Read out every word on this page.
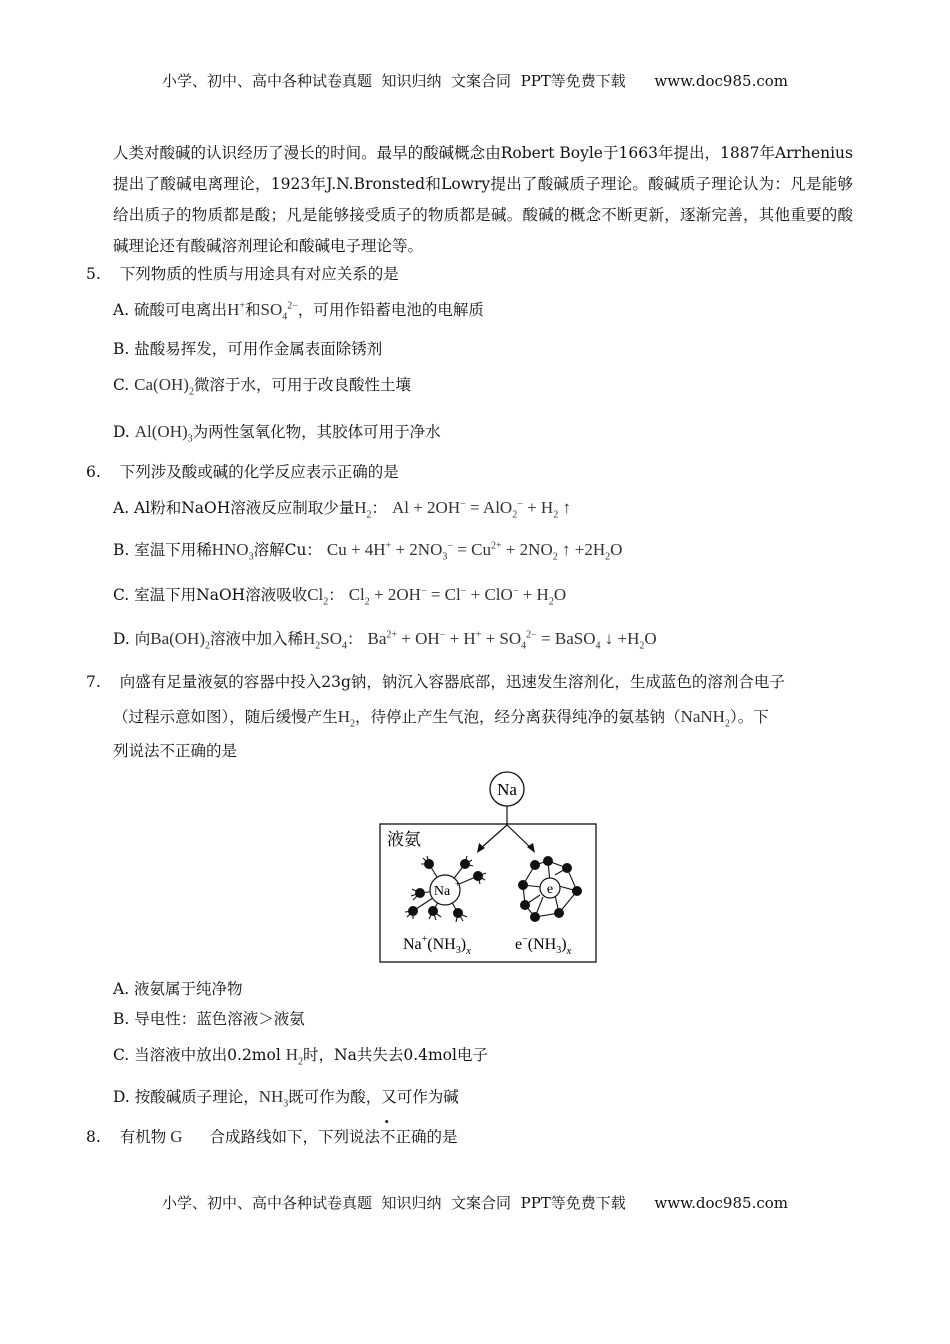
小学、初中、高中各种试卷真题  知识归纳  文案合同  PPT等免费下载      www.doc985.com
人类对酸碱的认识经历了漫长的时间。最早的酸碱概念由Robert Boyle于1663年提出，1887年Arrhenius提出了酸碱电离理论，1923年J.N.Bronsted和Lowry提出了酸碱质子理论。酸碱质子理论认为：凡是能够给出质子的物质都是酸；凡是能够接受质子的物质都是碱。酸碱的概念不断更新，逐渐完善，其他重要的酸碱理论还有酸碱溶剂理论和酸碱电子理论等。
5. 下列物质的性质与用途具有对应关系的是
A. 硫酸可电离出H+和$SO_4^{2-}$，可用作铅蓄电池的电解质
B. 盐酸易挥发，可用作金属表面除锈剂
C. $Ca(OH)_2$微溶于水，可用于改良酸性土壤
D. $Al(OH)_3$为两性氢氧化物，其胶体可用于净水
6. 下列涉及酸或碱的化学反应表示正确的是
A. Al粉和NaOH溶液反应制取少量$H_2$： $Al + 2OH^- = AlO_2^- + H_2$ ↑
B. 室温下用稀$HNO_3$溶解Cu： $Cu + 4H^+ + 2NO_3^- = Cu^{2+} + 2NO_2$ ↑ $+2H_2O$
C. 室温下用NaOH溶液吸收$Cl_2$： $Cl_2 + 2OH^- = Cl^- + ClO^- + H_2O$
D. 向$Ba(OH)_2$溶液中加入稀$H_2SO_4$： $Ba^{2+} + OH^- + H^+ + SO_4^{2-}$ = BaSO$_4$ ↓ $+H_2O$
7. 向盛有足量液氨的容器中投入23g钠，钠沉入容器底部，迅速发生溶剂化，生成蓝色的溶剂合电子
（过程示意如图），随后缓慢产生$H_2$，待停止产生气泡，经分离获得纯净的氨基钠（NaNH$_2$）。下
列说法不正确的是
Na
液氨
Na +
$Na^+(NH_3)_x$
e
$e^-(NH_3)_x$
A. 液氨属于纯净物
B. 导电性：蓝色溶液＞液氨
C. 当溶液中放出0.2mol $H_2$时，Na共失去0.4mol电子
D. 按酸碱质子理论，$NH_3$既可作为酸，又可作为碱
8. 有机物 G 合成路线如下，下列说法不正确的是
小学、初中、高中各种试卷真题  知识归纳  文案合同  PPT等免费下载      www.doc985.com
